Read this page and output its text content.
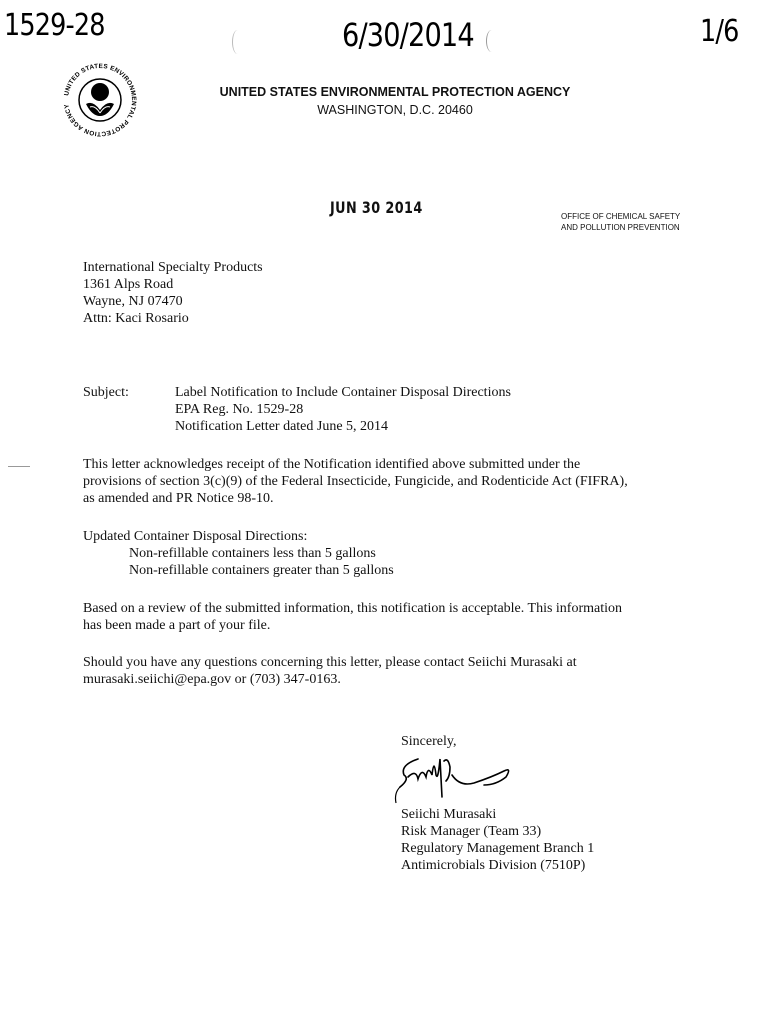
1529-28	6/30/2014	1/6
UNITED STATES ENVIRONMENTAL PROTECTION AGENCY
UNITED STATES ENVIRONMENTAL PROTECTION AGENCY
WASHINGTON, D.C. 20460
JUN 30 2014	OFFICE OF CHEMICAL SAFETY
AND POLLUTION PREVENTION
International Specialty Products
1361 Alps Road
Wayne, NJ 07470
Attn: Kaci Rosario
Subject:	Label Notification to Include Container Disposal Directions
EPA Reg. No. 1529-28
Notification Letter dated June 5, 2014
This letter acknowledges receipt of the Notification identified above submitted under the
provisions of section 3(c)(9) of the Federal Insecticide, Fungicide, and Rodenticide Act (FIFRA),
as amended and PR Notice 98-10.
Updated Container Disposal Directions:
Non-refillable containers less than 5 gallons
Non-refillable containers greater than 5 gallons
Based on a review of the submitted information, this notification is acceptable. This information
has been made a part of your file.
Should you have any questions concerning this letter, please contact Seiichi Murasaki at
murasaki.seiichi@epa.gov or (703) 347-0163.
Sincerely,
Seiichi Murasaki
Risk Manager (Team 33)
Regulatory Management Branch 1
Antimicrobials Division (7510P)
